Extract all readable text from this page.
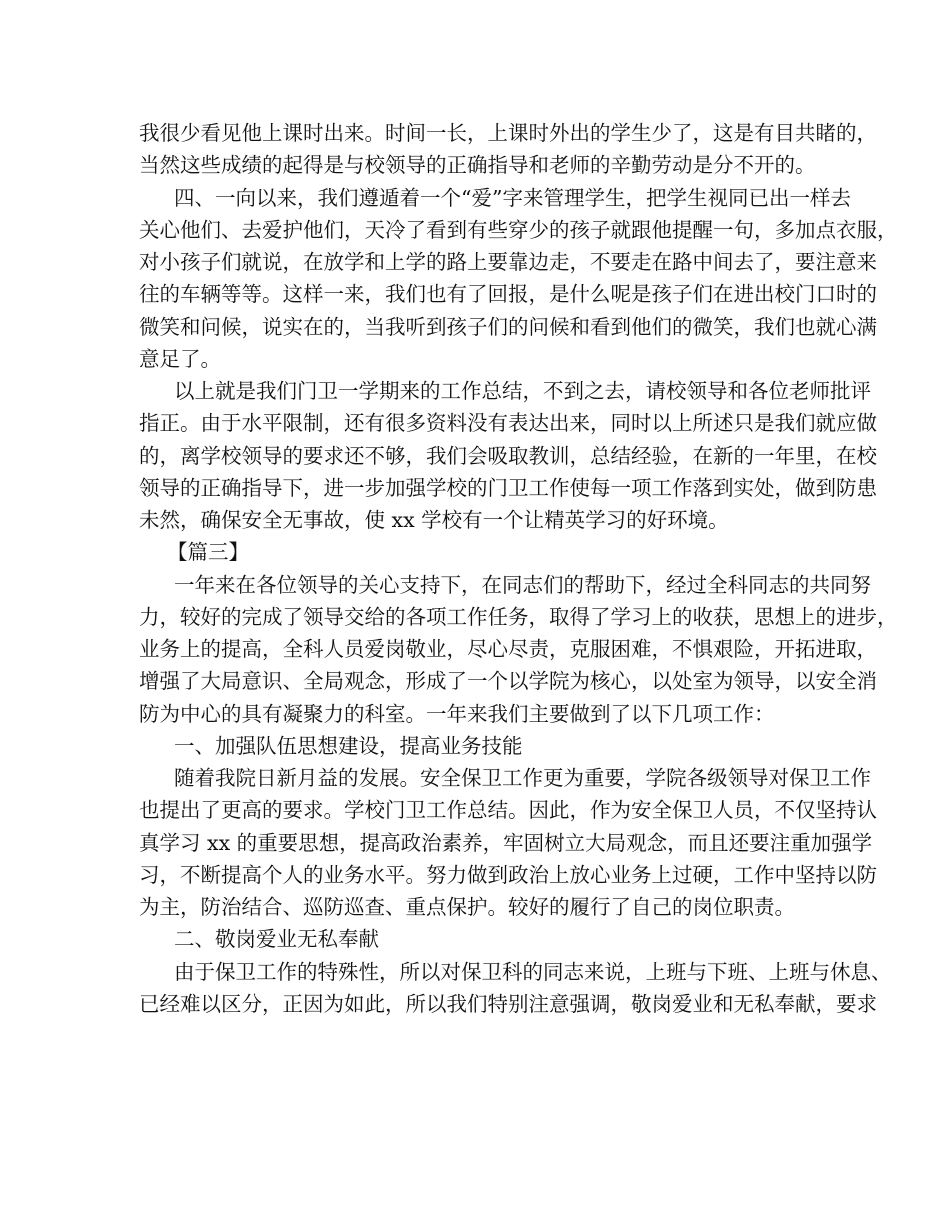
我很少看见他上课时出来。时间一长，上课时外出的学生少了，这是有目共睹的，
当然这些成绩的起得是与校领导的正确指导和老师的辛勤劳动是分不开的。
四、一向以来，我们遵遁着一个“爱”字来管理学生，把学生视同已出一样去
关心他们、去爱护他们，天冷了看到有些穿少的孩子就跟他提醒一句，多加点衣服，
对小孩子们就说，在放学和上学的路上要靠边走，不要走在路中间去了，要注意来
往的车辆等等。这样一来，我们也有了回报，是什么呢是孩子们在进出校门口时的
微笑和问候，说实在的，当我听到孩子们的问候和看到他们的微笑，我们也就心满
意足了。
以上就是我们门卫一学期来的工作总结，不到之去，请校领导和各位老师批评
指正。由于水平限制，还有很多资料没有表达出来，同时以上所述只是我们就应做
的，离学校领导的要求还不够，我们会吸取教训，总结经验，在新的一年里，在校
领导的正确指导下，进一步加强学校的门卫工作使每一项工作落到实处，做到防患
未然，确保安全无事故，使 xx 学校有一个让精英学习的好环境。
【篇三】
一年来在各位领导的关心支持下，在同志们的帮助下，经过全科同志的共同努
力，较好的完成了领导交给的各项工作任务，取得了学习上的收获，思想上的进步，
业务上的提高，全科人员爱岗敬业，尽心尽责，克服困难，不惧艰险，开拓进取，
增强了大局意识、全局观念，形成了一个以学院为核心，以处室为领导，以安全消
防为中心的具有凝聚力的科室。一年来我们主要做到了以下几项工作：
一、加强队伍思想建设，提高业务技能
随着我院日新月益的发展。安全保卫工作更为重要，学院各级领导对保卫工作
也提出了更高的要求。学校门卫工作总结。因此，作为安全保卫人员，不仅坚持认
真学习 xx 的重要思想，提高政治素养，牢固树立大局观念，而且还要注重加强学
习，不断提高个人的业务水平。努力做到政治上放心业务上过硬，工作中坚持以防
为主，防治结合、巡防巡查、重点保护。较好的履行了自己的岗位职责。
二、敬岗爱业无私奉献
由于保卫工作的特殊性，所以对保卫科的同志来说，上班与下班、上班与休息、
已经难以区分，正因为如此，所以我们特别注意强调，敬岗爱业和无私奉献，要求
